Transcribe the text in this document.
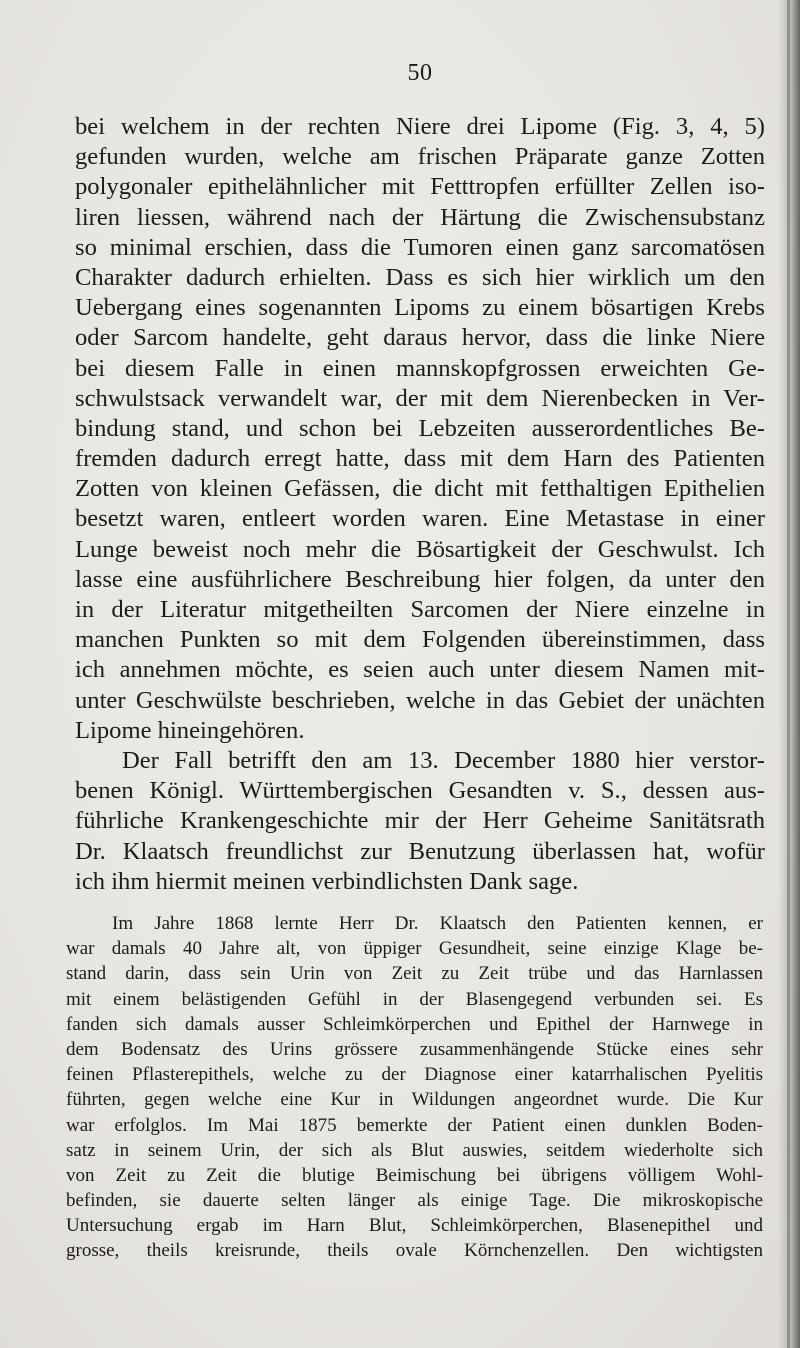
50
bei welchem in der rechten Niere drei Lipome (Fig. 3, 4, 5)
gefunden wurden, welche am frischen Präparate ganze Zotten
polygonaler epithelähnlicher mit Fetttropfen erfüllter Zellen iso-
liren liessen, während nach der Härtung die Zwischensubstanz
so minimal erschien, dass die Tumoren einen ganz sarcomatösen
Charakter dadurch erhielten. Dass es sich hier wirklich um den
Uebergang eines sogenannten Lipoms zu einem bösartigen Krebs
oder Sarcom handelte, geht daraus hervor, dass die linke Niere
bei diesem Falle in einen mannskopfgrossen erweichten Ge-
schwulstsack verwandelt war, der mit dem Nierenbecken in Ver-
bindung stand, und schon bei Lebzeiten ausserordentliches Be-
fremden dadurch erregt hatte, dass mit dem Harn des Patienten
Zotten von kleinen Gefässen, die dicht mit fetthaltigen Epithelien
besetzt waren, entleert worden waren. Eine Metastase in einer
Lunge beweist noch mehr die Bösartigkeit der Geschwulst. Ich
lasse eine ausführlichere Beschreibung hier folgen, da unter den
in der Literatur mitgetheilten Sarcomen der Niere einzelne in
manchen Punkten so mit dem Folgenden übereinstimmen, dass
ich annehmen möchte, es seien auch unter diesem Namen mit-
unter Geschwülste beschrieben, welche in das Gebiet der unächten
Lipome hineingehören.
Der Fall betrifft den am 13. December 1880 hier verstor-
benen Königl. Württembergischen Gesandten v. S., dessen aus-
führliche Krankengeschichte mir der Herr Geheime Sanitätsrath
Dr. Klaatsch freundlichst zur Benutzung überlassen hat, wofür
ich ihm hiermit meinen verbindlichsten Dank sage.
Im Jahre 1868 lernte Herr Dr. Klaatsch den Patienten kennen, er
war damals 40 Jahre alt, von üppiger Gesundheit, seine einzige Klage be-
stand darin, dass sein Urin von Zeit zu Zeit trübe und das Harnlassen
mit einem belästigenden Gefühl in der Blasengegend verbunden sei. Es
fanden sich damals ausser Schleimkörperchen und Epithel der Harnwege in
dem Bodensatz des Urins grössere zusammenhängende Stücke eines sehr
feinen Pflasterepithels, welche zu der Diagnose einer katarrhalischen Pyelitis
führten, gegen welche eine Kur in Wildungen angeordnet wurde. Die Kur
war erfolglos. Im Mai 1875 bemerkte der Patient einen dunklen Boden-
satz in seinem Urin, der sich als Blut auswies, seitdem wiederholte sich
von Zeit zu Zeit die blutige Beimischung bei übrigens völligem Wohl-
befinden, sie dauerte selten länger als einige Tage. Die mikroskopische
Untersuchung ergab im Harn Blut, Schleimkörperchen, Blasenepithel und
grosse, theils kreisrunde, theils ovale Körnchenzellen. Den wichtigsten
